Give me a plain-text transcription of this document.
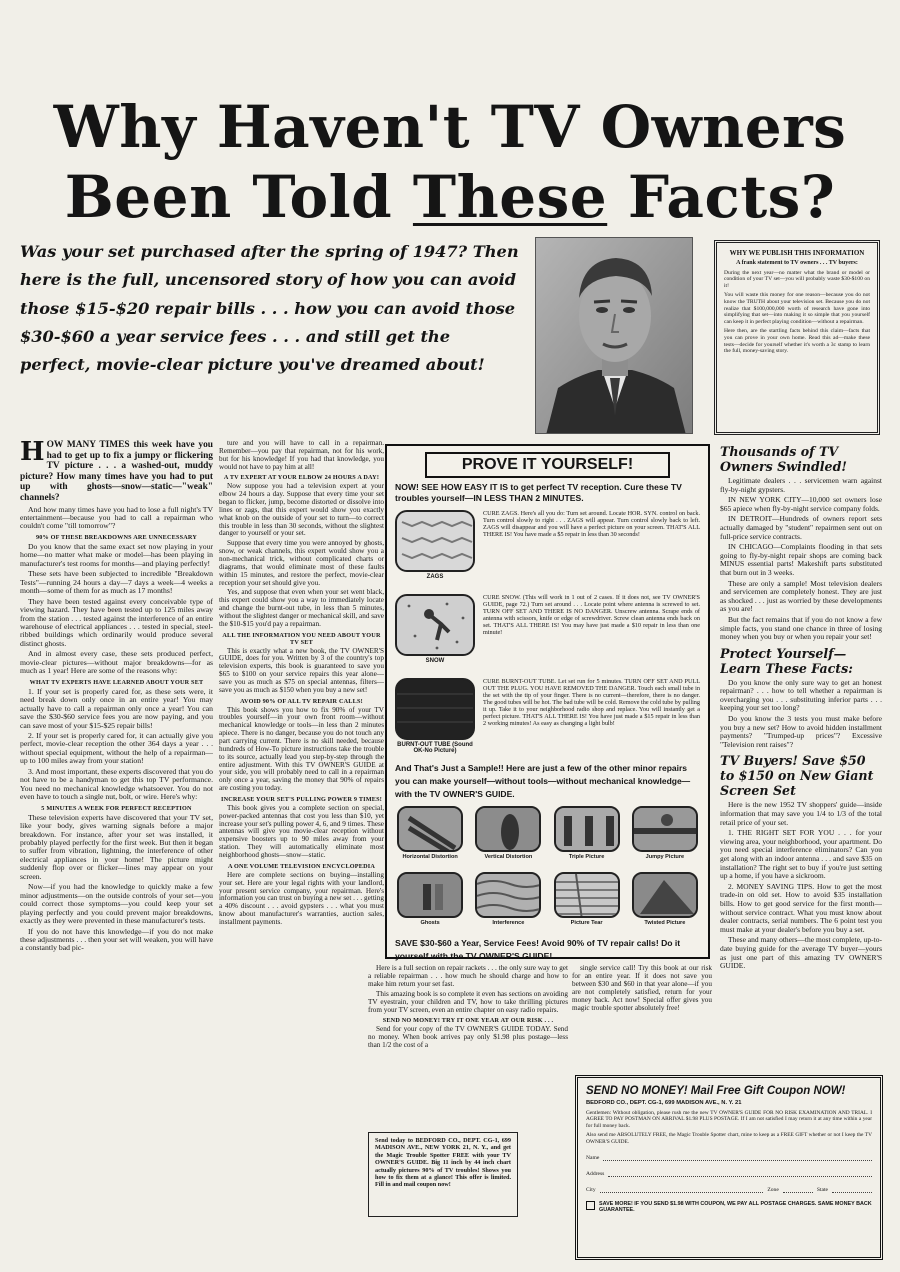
Why Haven't TV Owners
Been Told These Facts?
Was your set purchased after the spring of 1947? Then here is the full, uncensored story of how you can avoid those $15-$20 repair bills . . . how you can avoid those $30-$60 a year service fees . . . and still get the perfect, movie-clear picture you've dreamed about!
WHY WE PUBLISH THIS INFORMATION
A frank statement to TV owners . . . TV buyers:

During the next year—no matter what the brand or model or condition of your TV set—you will probably waste $30-$100 on it!

You will waste this money for one reason—because you do not know the TRUTH about your television set. Because you do not realize that $100,000,000 worth of research have gone into simplifying that set—into making it so simple that you yourself can keep it in perfect playing condition—without a repairman.

Here then, are the startling facts behind this claim—facts that you can prove in your own home. Read this ad—make these tests—decide for yourself whether it's worth a 3c stamp to learn the full, money-saving story.

HOW MANY TIMES this week have you had to get up to fix a jumpy or flickering TV picture . . . a washed-out, muddy picture? How many times have you had to put up with ghosts—snow—static—"weak" channels?

And how many times have you had to lose a full night's TV entertainment—because you had to call a repairman who couldn't come "till tomorrow"?

90% OF THESE BREAKDOWNS ARE UNNECESSARY

Do you know that the same exact set now playing in your home—no matter what make or model—has been playing in manufacturer's test rooms for months—and playing perfectly!

These sets have been subjected to incredible "Breakdown Tests"—running 24 hours a day—7 days a week—4 weeks a month—some of them for as much as 17 months!

They have been tested against every conceivable type of viewing hazard. They have been tested up to 125 miles away from the station . . . tested against the interference of an entire warehouse of electrical appliances . . . tested in special, steel-ribbed buildings which ordinarily would produce several distinct ghosts.

And in almost every case, these sets produced perfect, movie-clear pictures—without major breakdowns—for as much as 1 year! Here are some of the reasons why:

WHAT TV EXPERTS HAVE LEARNED ABOUT YOUR SET

1. If your set is properly cared for, as these sets were, it need break down only once in an entire year! You may actually have to call a repairman only once a year! You can save the $30-$60 service fees you are now paying, and you can save most of your $15-$25 repair bills!

2. If your set is properly cared for, it can actually give you perfect, movie-clear reception the other 364 days a year . . . without special equipment, without the help of a repairman—up to 100 miles away from your station!

3. And most important, these experts discovered that you do not have to be a handyman to get this top TV performance. You need no mechanical knowledge whatsoever. You do not even have to touch a single nut, bolt, or wire. Here's why:

5 MINUTES A WEEK FOR PERFECT RECEPTION

These television experts have discovered that your TV set, like your body, gives warning signals before a major breakdown. For instance, after your set was installed, it probably played perfectly for the first week. But then it began to suffer from vibration, lightning, the interference of other electrical appliances in your home! The picture might suddenly flop over or flicker—lines may appear on your screen.

Now—if you had the knowledge to quickly make a few minor adjustments—on the outside controls of your set—you could correct those symptoms—you could keep your set playing perfectly and you could prevent major breakdowns, exactly as they were prevented in these manufacturer's tests.

If you do not have this knowledge—if you do not make these adjustments . . . then your set will weaken, you will have a constantly bad pic-

ture and you will have to call in a repairman. Remember—you pay that repairman, not for his work, but for his knowledge! If you had that knowledge, you would not have to pay him at all!

A TV EXPERT AT YOUR ELBOW 24 HOURS A DAY!

Now suppose you had a television expert at your elbow 24 hours a day. Suppose that every time your set began to flicker, jump, become distorted or dissolve into lines or zags, that this expert would show you exactly what knob on the outside of your set to turn—to correct this trouble in less than 30 seconds, without the slightest danger to yourself or your set.

Suppose that every time you were annoyed by ghosts, snow, or weak channels, this expert would show you a non-mechanical trick, without complicated charts or diagrams, that would eliminate most of these faults within 15 minutes, and restore the perfect, movie-clear reception your set should give you.

Yes, and suppose that even when your set went black, this expert could show you a way to immediately locate and change the burnt-out tube, in less than 5 minutes, without the slightest danger or mechanical skill, and save the $10-$15 you'd pay a repairman.

ALL THE INFORMATION YOU NEED ABOUT YOUR TV SET

This is exactly what a new book, the TV OWNER'S GUIDE, does for you. Written by 3 of the country's top television experts, this book is guaranteed to save you $65 to $100 on your service repairs this year alone—save you as much as $75 on special antennas, filters—save you as much as $150 when you buy a new set!

AVOID 90% OF ALL TV REPAIR CALLS!

This book shows you how to fix 90% of your TV troubles yourself—in your own front room—without mechanical knowledge or tools—in less than 2 minutes apiece. There is no danger, because you do not touch any part carrying current. There is no skill needed, because hundreds of How-To picture instructions take the trouble to its source, actually lead you step-by-step through the entire adjustment. With this TV OWNER'S GUIDE at your side, you will probably need to call in a repairman only once a year, saving the money that 90% of repairs are costing you today.

INCREASE YOUR SET'S PULLING POWER 9 TIMES!

This book gives you a complete section on special, power-packed antennas that cost you less than $10, yet increase your set's pulling power 4, 6, and 9 times. These antennas will give you movie-clear reception without expensive boosters up to 90 miles away from your station. They will automatically eliminate most neighborhood ghosts—snow—static.

A ONE VOLUME TELEVISION ENCYCLOPEDIA

Here are complete sections on buying—installing your set. Here are your legal rights with your landlord, your present service company, your repairman. Here's information you can trust on buying a new set . . . getting a 40% discount . . . avoid gypsters . . . what you must know about manufacturer's warranties, auction sales, installment payments.

PROVE IT YOURSELF!
NOW! SEE HOW EASY IT IS to get perfect TV reception. Cure these TV troubles yourself—IN LESS THAN 2 MINUTES.
ZAGS
CURE ZAGS. Here's all you do: Turn set around. Locate HOR. SYN. control on back. Turn control slowly to right . . . ZAGS will appear. Turn control slowly back to left. ZAGS will disappear and you will have a perfect picture on your screen. THAT'S ALL THERE IS! You have made a $5 repair in less than 30 seconds!
SNOW
CURE SNOW. (This will work in 1 out of 2 cases. If it does not, see TV OWNER'S GUIDE, page 72.) Turn set around . . . Locate point where antenna is screwed to set. TURN OFF SET AND THERE IS NO DANGER. Unscrew antenna. Scrape ends of antenna with scissors, knife or edge of screwdriver. Screw clean antenna ends back on set. THAT'S ALL THERE IS! You may have just made a $10 repair in less than one minute!
BURNT-OUT TUBE (Sound OK-No Picture)
CURE BURNT-OUT TUBE. Let set run for 5 minutes. TURN OFF SET AND PULL OUT THE PLUG. YOU HAVE REMOVED THE DANGER. Touch each small tube in the set with the tip of your finger. There is no current—therefore, there is no danger. The good tubes will be hot. The bad tube will be cold. Remove the cold tube by pulling it up. Take it to your neighborhood radio shop and replace. You will instantly get a perfect picture. THAT'S ALL THERE IS! You have just made a $15 repair in less than 2 working minutes! As easy as changing a light bulb!
And That's Just a Sample!! Here are just a few of the other minor repairs you can make yourself—without tools—without mechanical knowledge—with the TV OWNER'S GUIDE.
Horizontal Distortion	Vertical Distortion	Triple Picture	Jumpy Picture
Ghosts	Interference	Picture Tear	Twisted Picture
SAVE $30-$60 a Year, Service Fees! Avoid 90% of TV repair calls! Do it yourself with the TV OWNER'S GUIDE!

Here is a full section on repair rackets . . . the only sure way to get a reliable repairman . . . how much he should charge and how to make him return your set fast.

This amazing book is so complete it even has sections on avoiding TV eyestrain, your children and TV, how to take thrilling pictures from your TV screen, even an entire chapter on easy radio repairs.

SEND NO MONEY! TRY IT ONE YEAR AT OUR RISK . . .

Send for your copy of the TV OWNER'S GUIDE TODAY. Send no money. When book arrives pay only $1.98 plus postage—less than 1/2 the cost of a

Send today to BEDFORD CO., DEPT. CG-1, 699 MADISON AVE., NEW YORK 21, N. Y., and get the Magic Trouble Spotter FREE with your TV OWNER'S GUIDE. Big 11 inch by 44 inch chart actually pictures 90% of TV troubles! Shows you how to fix them at a glance! This offer is limited. Fill in and mail coupon now!

single service call! Try this book at our risk for an entire year. If it does not save you between $30 and $60 in that year alone—if you are not completely satisfied, return for your money back. Act now! Special offer gives you magic trouble spotter absolutely free!

Thousands of TV Owners Swindled!

Legitimate dealers . . . servicemen warn against fly-by-night gypsters.

IN NEW YORK CITY—10,000 set owners lose $65 apiece when fly-by-night service company folds.

IN DETROIT—Hundreds of owners report sets actually damaged by "student" repairmen sent out on full-price service contracts.

IN CHICAGO—Complaints flooding in that sets going to fly-by-night repair shops are coming back MINUS essential parts! Makeshift parts substituted that burn out in 3 weeks.

These are only a sample! Most television dealers and servicemen are completely honest. They are just as shocked . . . just as worried by these developments as you are!

But the fact remains that if you do not know a few simple facts, you stand one chance in three of losing money when you buy or when you repair your set!

Protect Yourself—Learn These Facts:

Do you know the only sure way to get an honest repairman? . . . how to tell whether a repairman is overcharging you . . . substituting inferior parts . . . keeping your set too long?

Do you know the 3 tests you must make before you buy a new set? How to avoid hidden installment payments? "Trumped-up prices"? Excessive "Television rent raises"?

TV Buyers! Save $50 to $150 on New Giant Screen Set

Here is the new 1952 TV shoppers' guide—inside information that may save you 1/4 to 1/3 of the total retail price of your set.

1. THE RIGHT SET FOR YOU . . . for your viewing area, your neighborhood, your apartment. Do you need special interference eliminators? Can you get along with an indoor antenna . . . and save $35 on installation? The right set to buy if you're just setting up a home, if you have a sickroom.

2. MONEY SAVING TIPS. How to get the most trade-in on old set. How to avoid $35 installation bills. How to get good service for the first month—without service contract. What you must know about dealer contracts, serial numbers. The 6 point test you must make at your dealer's before you buy a set.

These and many others—the most complete, up-to-date buying guide for the average TV buyer—yours as just one part of this amazing TV OWNER'S GUIDE.

SEND NO MONEY! Mail Free Gift Coupon NOW!
BEDFORD CO., DEPT. CG-1, 699 MADISON AVE., N. Y. 21
Gentlemen: Without obligation, please rush me the new TV OWNER'S GUIDE FOR NO RISK EXAMINATION AND TRIAL. I AGREE TO PAY POSTMAN ON ARRIVAL $1.98 PLUS POSTAGE. If I am not satisfied I may return it at any time within a year for full money back.
Also send me ABSOLUTELY FREE, the Magic Trouble Spotter chart, mine to keep as a FREE GIFT whether or not I keep the TV OWNER'S GUIDE.
Name
Address
City	Zone	State
SAVE MORE! IF YOU SEND $1.98 WITH COUPON, WE PAY ALL POSTAGE CHARGES. SAME MONEY BACK GUARANTEE.
